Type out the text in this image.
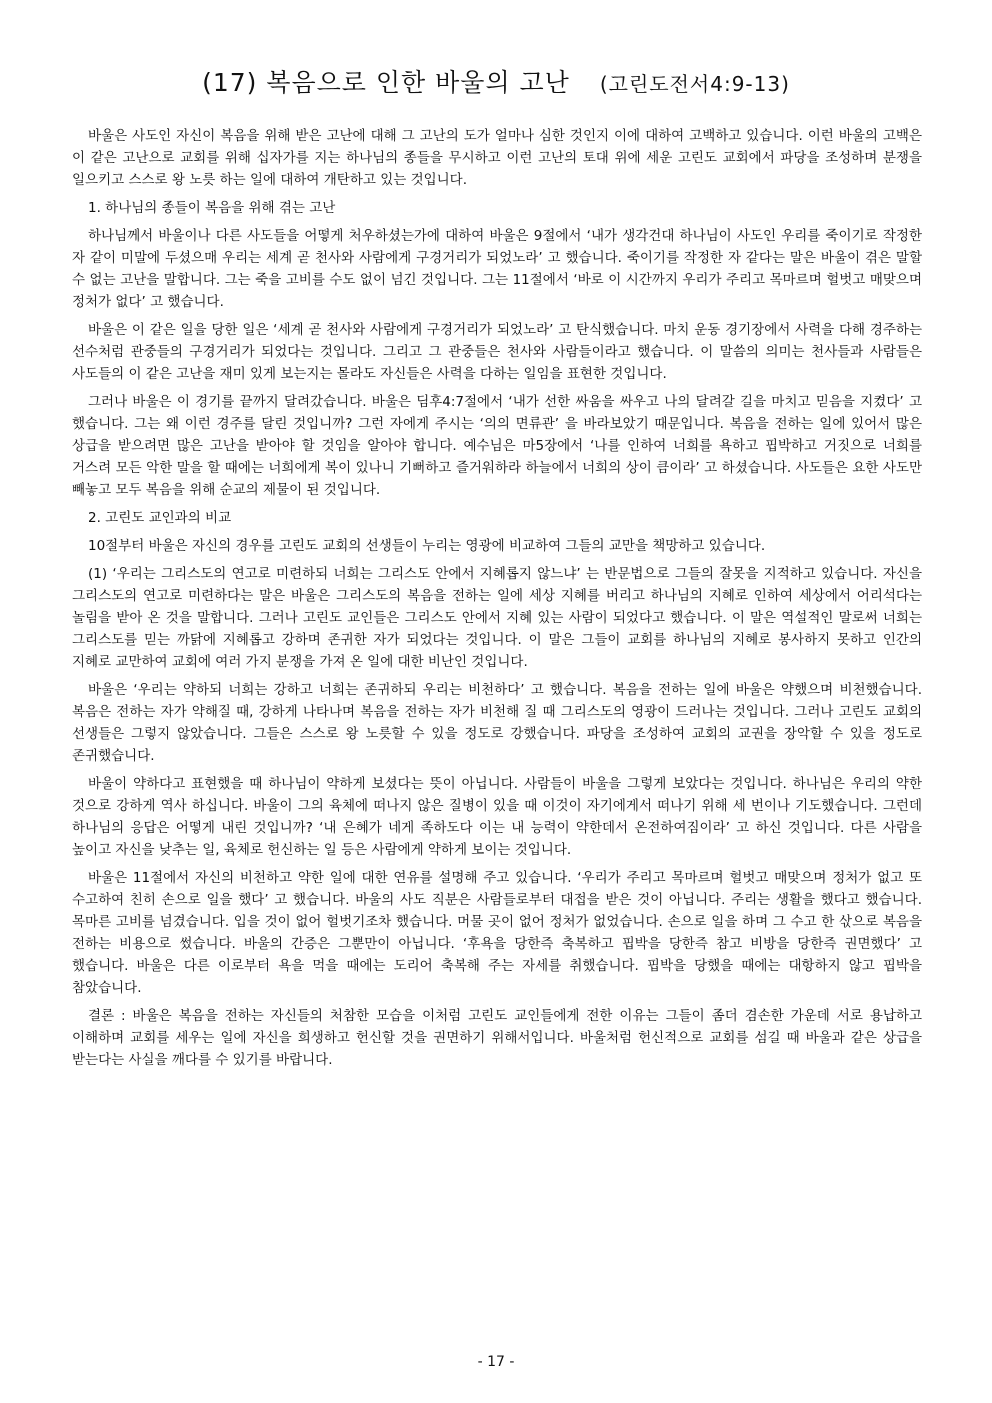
(17) 복음으로 인한 바울의 고난 (고린도전서4:9-13)

바울은 사도인 자신이 복음을 위해 받은 고난에 대해 그 고난의 도가 얼마나 심한 것인지 이에 대하여 고백하고 있습니다. 이런 바울의 고백은 이 같은 고난으로 교회를 위해 십자가를 지는 하나님의 종들을 무시하고 이런 고난의 토대 위에 세운 고린도 교회에서 파당을 조성하며 분쟁을 일으키고 스스로 왕 노릇 하는 일에 대하여 개탄하고 있는 것입니다.

1. 하나님의 종들이 복음을 위해 겪는 고난

하나님께서 바울이나 다른 사도들을 어떻게 처우하셨는가에 대하여 바울은 9절에서 ‘내가 생각건대 하나님이 사도인 우리를 죽이기로 작정한 자 같이 미말에 두셨으매 우리는 세계 곧 천사와 사람에게 구경거리가 되었노라’ 고 했습니다. 죽이기를 작정한 자 같다는 말은 바울이 겪은 말할 수 없는 고난을 말합니다. 그는 죽을 고비를 수도 없이 넘긴 것입니다. 그는 11절에서 ‘바로 이 시간까지 우리가 주리고 목마르며 헐벗고 매맞으며 정처가 없다’ 고 했습니다.

바울은 이 같은 일을 당한 일은 ‘세계 곧 천사와 사람에게 구경거리가 되었노라’ 고 탄식했습니다. 마치 운동 경기장에서 사력을 다해 경주하는 선수처럼 관중들의 구경거리가 되었다는 것입니다. 그리고 그 관중들은 천사와 사람들이라고 했습니다. 이 말씀의 의미는 천사들과 사람들은 사도들의 이 같은 고난을 재미 있게 보는지는 몰라도 자신들은 사력을 다하는 일임을 표현한 것입니다.

그러나 바울은 이 경기를 끝까지 달려갔습니다. 바울은 딤후4:7절에서 ‘내가 선한 싸움을 싸우고 나의 달려갈 길을 마치고 믿음을 지켰다’ 고 했습니다. 그는 왜 이런 경주를 달린 것입니까? 그런 자에게 주시는 ‘의의 면류관’ 을 바라보았기 때문입니다. 복음을 전하는 일에 있어서 많은 상급을 받으려면 많은 고난을 받아야 할 것임을 알아야 합니다. 예수님은 마5장에서 ‘나를 인하여 너희를 욕하고 핍박하고 거짓으로 너희를 거스려 모든 악한 말을 할 때에는 너희에게 복이 있나니 기뻐하고 즐거워하라 하늘에서 너희의 상이 큼이라’ 고 하셨습니다. 사도들은 요한 사도만 빼놓고 모두 복음을 위해 순교의 제물이 된 것입니다.

2. 고린도 교인과의 비교

10절부터 바울은 자신의 경우를 고린도 교회의 선생들이 누리는 영광에 비교하여 그들의 교만을 책망하고 있습니다.

(1) ‘우리는 그리스도의 연고로 미련하되 너희는 그리스도 안에서 지혜롭지 않느냐’ 는 반문법으로 그들의 잘못을 지적하고 있습니다. 자신을 그리스도의 연고로 미련하다는 말은 바울은 그리스도의 복음을 전하는 일에 세상 지혜를 버리고 하나님의 지혜로 인하여 세상에서 어리석다는 놀림을 받아 온 것을 말합니다. 그러나 고린도 교인들은 그리스도 안에서 지혜 있는 사람이 되었다고 했습니다. 이 말은 역설적인 말로써 너희는 그리스도를 믿는 까닭에 지혜롭고 강하며 존귀한 자가 되었다는 것입니다. 이 말은 그들이 교회를 하나님의 지혜로 봉사하지 못하고 인간의 지혜로 교만하여 교회에 여러 가지 분쟁을 가져 온 일에 대한 비난인 것입니다.

바울은 ‘우리는 약하되 너희는 강하고 너희는 존귀하되 우리는 비천하다’ 고 했습니다. 복음을 전하는 일에 바울은 약했으며 비천했습니다. 복음은 전하는 자가 약해질 때, 강하게 나타나며 복음을 전하는 자가 비천해 질 때 그리스도의 영광이 드러나는 것입니다. 그러나 고린도 교회의 선생들은 그렇지 않았습니다. 그들은 스스로 왕 노릇할 수 있을 정도로 강했습니다. 파당을 조성하여 교회의 교권을 장악할 수 있을 정도로 존귀했습니다.

바울이 약하다고 표현했을 때 하나님이 약하게 보셨다는 뜻이 아닙니다. 사람들이 바울을 그렇게 보았다는 것입니다. 하나님은 우리의 약한 것으로 강하게 역사 하십니다. 바울이 그의 육체에 떠나지 않은 질병이 있을 때 이것이 자기에게서 떠나기 위해 세 번이나 기도했습니다. 그런데 하나님의 응답은 어떻게 내린 것입니까? ‘내 은혜가 네게 족하도다 이는 내 능력이 약한데서 온전하여짐이라’ 고 하신 것입니다. 다른 사람을 높이고 자신을 낮추는 일, 육체로 헌신하는 일 등은 사람에게 약하게 보이는 것입니다.

바울은 11절에서 자신의 비천하고 약한 일에 대한 연유를 설명해 주고 있습니다. ‘우리가 주리고 목마르며 헐벗고 매맞으며 정처가 없고 또 수고하여 친히 손으로 일을 했다’ 고 했습니다. 바울의 사도 직분은 사람들로부터 대접을 받은 것이 아닙니다. 주리는 생활을 했다고 했습니다. 목마른 고비를 넘겼습니다. 입을 것이 없어 헐벗기조차 했습니다. 머물 곳이 없어 정처가 없었습니다. 손으로 일을 하며 그 수고 한 삯으로 복음을 전하는 비용으로 썼습니다. 바울의 간증은 그뿐만이 아닙니다. ‘후욕을 당한즉 축복하고 핍박을 당한즉 참고 비방을 당한즉 권면했다’ 고 했습니다. 바울은 다른 이로부터 욕을 먹을 때에는 도리어 축복해 주는 자세를 취했습니다. 핍박을 당했을 때에는 대항하지 않고 핍박을 참았습니다.

결론 : 바울은 복음을 전하는 자신들의 처참한 모습을 이처럼 고린도 교인들에게 전한 이유는 그들이 좀더 겸손한 가운데 서로 용납하고 이해하며 교회를 세우는 일에 자신을 희생하고 헌신할 것을 권면하기 위해서입니다. 바울처럼 헌신적으로 교회를 섬길 때 바울과 같은 상급을 받는다는 사실을 깨다를 수 있기를 바랍니다.

- 17 -
